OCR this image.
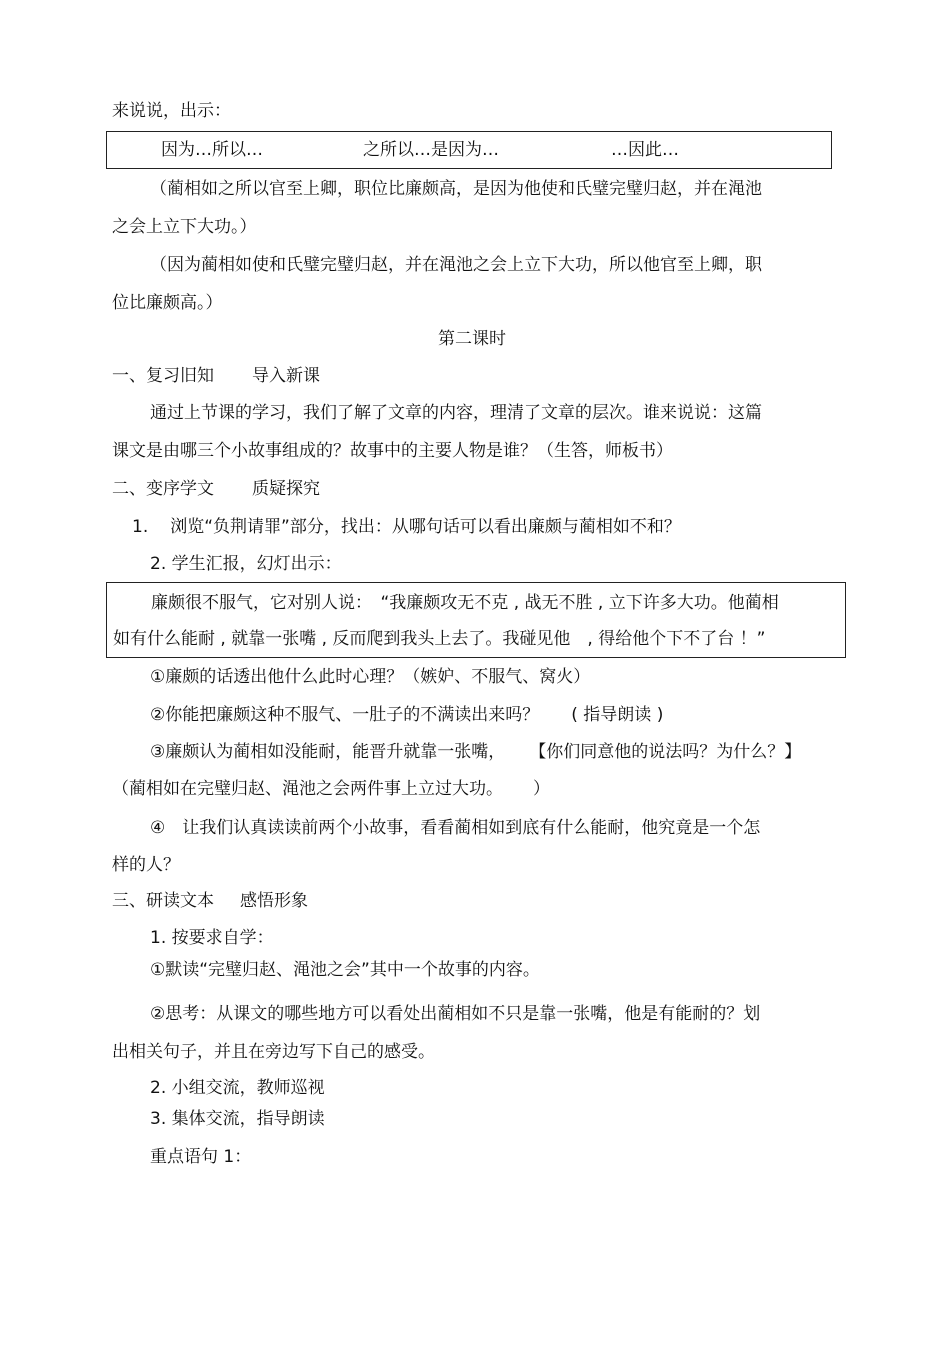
来说说，出示：
因为…所以…	之所以…是因为…	…因此…
（蔺相如之所以官至上卿，职位比廉颇高，是因为他使和氏璧完璧归赵，并在渑池
之会上立下大功。）
（因为蔺相如使和氏璧完璧归赵，并在渑池之会上立下大功，所以他官至上卿，职
位比廉颇高。）
第二课时
一、复习旧知 导入新课
通过上节课的学习，我们了解了文章的内容，理清了文章的层次。谁来说说：这篇
课文是由哪三个小故事组成的？故事中的主要人物是谁？（生答，师板书）
二、变序学文 质疑探究
1. 浏览“负荆请罪”部分，找出：从哪句话可以看出廉颇与蔺相如不和？
2. 学生汇报，幻灯出示：
廉颇很不服气，它对别人说：　“我廉颇攻无不克 , 战无不胜 , 立下许多大功。他蔺相
如有什么能耐 , 就靠一张嘴 , 反而爬到我头上去了。我碰见他　, 得给他个下不了台 ！”
①廉颇的话透出他什么此时心理？（嫉妒、不服气、窝火）
②你能把廉颇这种不服气、一肚子的不满读出来吗？ ( 指导朗读 )
③廉颇认为蔺相如没能耐，能晋升就靠一张嘴， 【你们同意他的说法吗？为什么？】
（蔺相如在完璧归赵、渑池之会两件事上立过大功。 ）
④　让我们认真读读前两个小故事，看看蔺相如到底有什么能耐，他究竟是一个怎
样的人？
三、研读文本 感悟形象
1. 按要求自学：
①默读“完璧归赵、渑池之会”其中一个故事的内容。
②思考：从课文的哪些地方可以看处出蔺相如不只是靠一张嘴，他是有能耐的？划
出相关句子，并且在旁边写下自己的感受。
2. 小组交流，教师巡视
3. 集体交流，指导朗读
重点语句 1：
